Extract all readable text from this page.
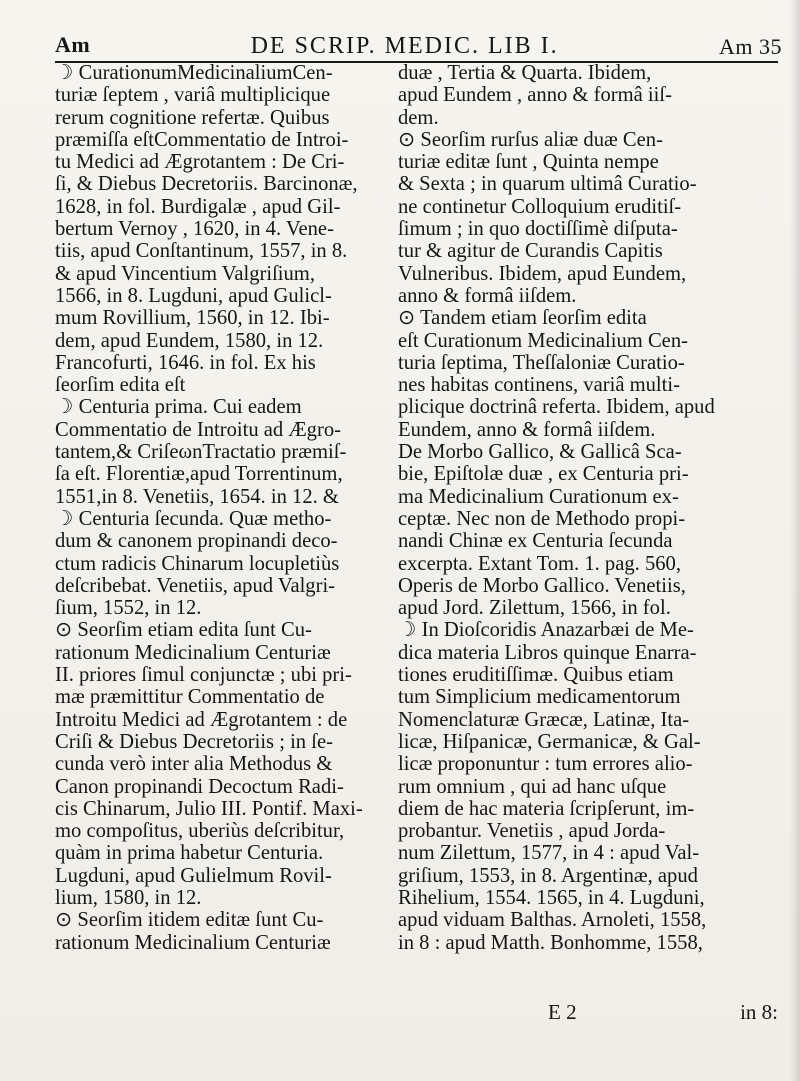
Am	DE SCRIP. MEDIC. LIB I.	Am 35
☽ CurationumMedicinaliumCen-
turiæ ſeptem , variâ multiplicique
rerum cognitione refertæ. Quibus
præmiſſa eſtCommentatio de Introi-
tu Medici ad Ægrotantem : De Cri-
ſi, & Diebus Decretoriis. Barcinonæ,
1628, in fol. Burdigalæ , apud Gil-
bertum Vernoy , 1620, in 4. Vene-
tiis, apud Conſtantinum, 1557, in 8.
& apud Vincentium Valgriſium,
1566, in 8. Lugduni, apud Gulicl-
mum Rovillium, 1560, in 12. Ibi-
dem, apud Eundem, 1580, in 12.
Francofurti, 1646. in fol. Ex his
ſeorſim edita eſt
☽ Centuria prima. Cui eadem
Commentatio de Introitu ad Ægro-
tantem,& CriſeωnTractatio præmiſ-
ſa eſt. Florentiæ,apud Torrentinum,
1551,in 8. Venetiis, 1654. in 12. &
☽ Centuria ſecunda. Quæ metho-
dum & canonem propinandi deco-
ctum radicis Chinarum locupletiùs
deſcribebat. Venetiis, apud Valgri-
ſium, 1552, in 12.
⊙ Seorſim etiam edita ſunt Cu-
rationum Medicinalium Centuriæ
II. priores ſimul conjunctæ ; ubi pri-
mæ præmittitur Commentatio de
Introitu Medici ad Ægrotantem : de
Criſi & Diebus Decretoriis ; in ſe-
cunda verò inter alia Methodus &
Canon propinandi Decoctum Radi-
cis Chinarum, Julio III. Pontif. Maxi-
mo compoſitus, uberiùs deſcribitur,
quàm in prima habetur Centuria.
Lugduni, apud Gulielmum Rovil-
lium, 1580, in 12.
⊙ Seorſim itidem editæ ſunt Cu-
rationum Medicinalium Centuriæ
duæ , Tertia & Quarta. Ibidem,
apud Eundem , anno & formâ iiſ-
dem.
⊙ Seorſim rurſus aliæ duæ Cen-
turiæ editæ ſunt , Quinta nempe
& Sexta ; in quarum ultimâ Curatio-
ne continetur Colloquium eruditiſ-
ſimum ; in quo doctiſſimè diſputa-
tur & agitur de Curandis Capitis
Vulneribus. Ibidem, apud Eundem,
anno & formâ iiſdem.
⊙ Tandem etiam ſeorſim edita
eſt Curationum Medicinalium Cen-
turia ſeptima, Theſſaloniæ Curatio-
nes habitas continens, variâ multi-
plicique doctrinâ referta. Ibidem, apud
Eundem, anno & formâ iiſdem.
De Morbo Gallico, & Gallicâ Sca-
bie, Epiſtolæ duæ , ex Centuria pri-
ma Medicinalium Curationum ex-
ceptæ. Nec non de Methodo propi-
nandi Chinæ ex Centuria ſecunda
excerpta. Extant Tom. 1. pag. 560,
Operis de Morbo Gallico. Venetiis,
apud Jord. Zilettum, 1566, in fol.
☽ In Dioſcoridis Anazarbæi de Me-
dica materia Libros quinque Enarra-
tiones eruditiſſimæ. Quibus etiam
tum Simplicium medicamentorum
Nomenclaturæ Græcæ, Latinæ, Ita-
licæ, Hiſpanicæ, Germanicæ, & Gal-
licæ proponuntur : tum errores alio-
rum omnium , qui ad hanc uſque
diem de hac materia ſcripſerunt, im-
probantur. Venetiis , apud Jorda-
num Zilettum, 1577, in 4 : apud Val-
griſium, 1553, in 8. Argentinæ, apud
Rihelium, 1554. 1565, in 4. Lugduni,
apud viduam Balthas. Arnoleti, 1558,
in 8 : apud Matth. Bonhomme, 1558,
E 2	in 8:
